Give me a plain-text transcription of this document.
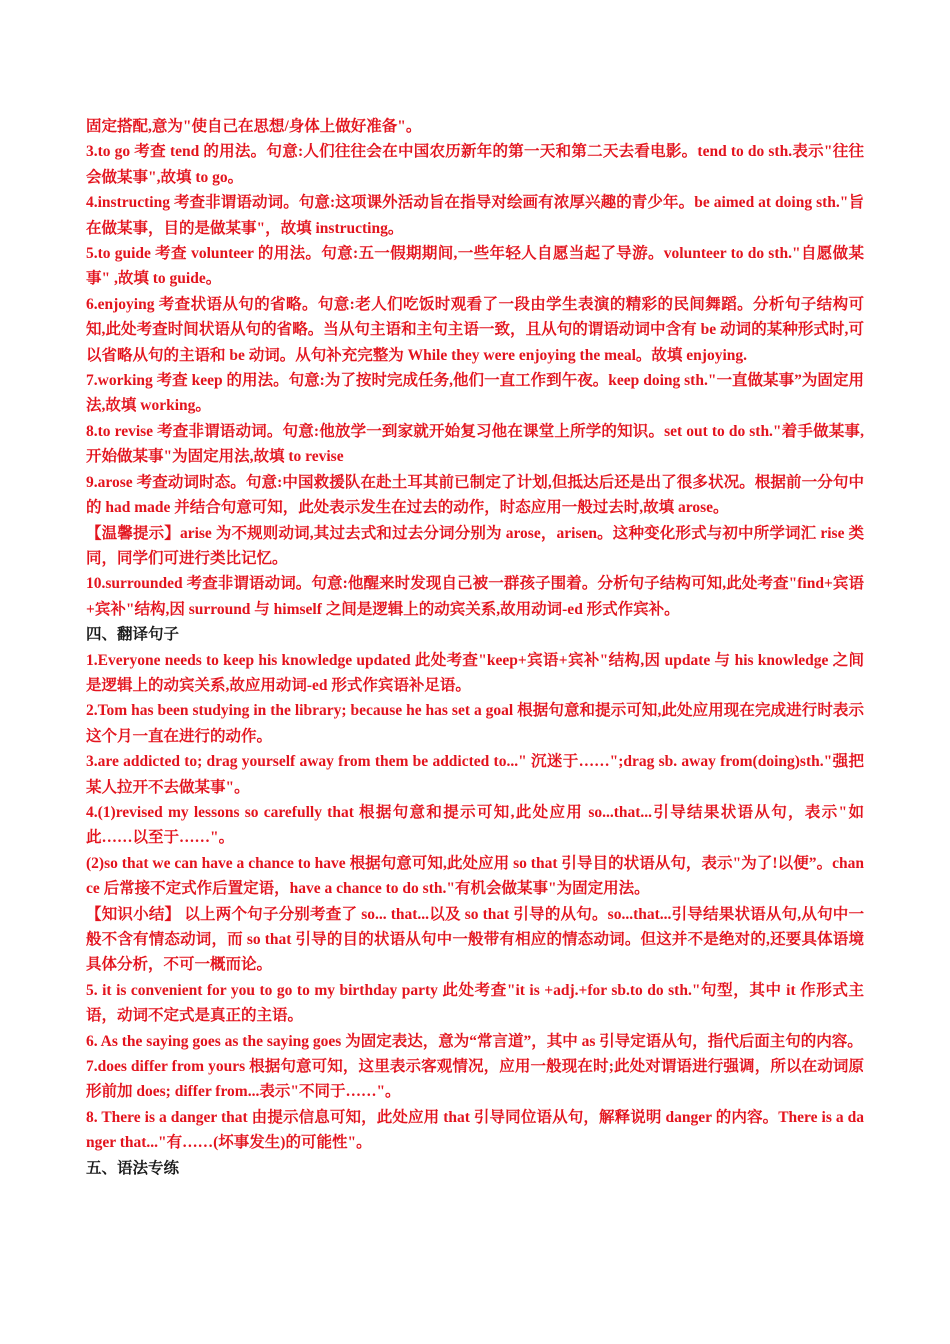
固定搭配,意为"使自己在思想/身体上做好准备"。

3.to go 考查 tend 的用法。句意:人们往往会在中国农历新年的第一天和第二天去看电影。tend to do sth.表示"往往会做某事",故填 to go。

4.instructing 考查非谓语动词。句意:这项课外活动旨在指导对绘画有浓厚兴趣的青少年。be aimed at doing sth."旨在做某事，目的是做某事"，故填 instructing。

5.to guide 考查 volunteer 的用法。句意:五一假期期间,一些年轻人自愿当起了导游。volunteer to do sth."自愿做某事" ,故填 to guide。

6.enjoying 考查状语从句的省略。句意:老人们吃饭时观看了一段由学生表演的精彩的民间舞蹈。分析句子结构可知,此处考查时间状语从句的省略。当从句主语和主句主语一致，且从句的谓语动词中含有 be 动词的某种形式时,可以省略从句的主语和 be 动词。从句补充完整为 While they were enjoying the meal。故填 enjoying.

7.working 考查 keep 的用法。句意:为了按时完成任务,他们一直工作到午夜。keep doing sth."一直做某事”为固定用法,故填 working。

8.to revise 考查非谓语动词。句意:他放学一到家就开始复习他在课堂上所学的知识。set out to do sth."着手做某事,开始做某事"为固定用法,故填 to revise

9.arose 考查动词时态。句意:中国救援队在赴土耳其前已制定了计划,但抵达后还是出了很多状况。根据前一分句中的 had made 并结合句意可知，此处表示发生在过去的动作，时态应用一般过去时,故填 arose。

【温馨提示】arise 为不规则动词,其过去式和过去分词分别为 arose，arisen。这种变化形式与初中所学词汇 rise 类同，同学们可进行类比记忆。

10.surrounded 考查非谓语动词。句意:他醒来时发现自己被一群孩子围着。分析句子结构可知,此处考查"find+宾语+宾补"结构,因 surround 与 himself 之间是逻辑上的动宾关系,故用动词-ed 形式作宾补。

四、翻译句子

1.Everyone needs to keep his knowledge updated 此处考查"keep+宾语+宾补"结构,因 update 与 his knowledge 之间是逻辑上的动宾关系,故应用动词-ed 形式作宾语补足语。

2.Tom has been studying in the library; because he has set a goal 根据句意和提示可知,此处应用现在完成进行时表示这个月一直在进行的动作。

3.are addicted to; drag yourself away from them be addicted to..." 沉迷于……";drag sb. away from(doing)sth."强把某人拉开不去做某事"。

4.(1)revised my lessons so carefully that 根据句意和提示可知,此处应用 so...that...引导结果状语从句，表示"如此……以至于……"。

(2)so that we can have a chance to have 根据句意可知,此处应用 so that 引导目的状语从句，表示"为了!以便”。chance 后常接不定式作后置定语，have a chance to do sth."有机会做某事"为固定用法。

【知识小结】 以上两个句子分别考查了 so... that...以及 so that 引导的从句。so...that...引导结果状语从句,从句中一般不含有情态动词，而 so that 引导的目的状语从句中一般带有相应的情态动词。但这并不是绝对的,还要具体语境具体分析，不可一概而论。

5. it is convenient for you to go to my birthday party 此处考查"it is +adj.+for sb.to do sth."句型，其中 it 作形式主语，动词不定式是真正的主语。

6. As the saying goes as the saying goes 为固定表达，意为“常言道”，其中 as 引导定语从句，指代后面主句的内容。

7.does differ from yours 根据句意可知，这里表示客观情况，应用一般现在时;此处对谓语进行强调，所以在动词原形前加 does; differ from...表示"不同于……"。

8. There is a danger that 由提示信息可知，此处应用 that 引导同位语从句，解释说明 danger 的内容。There is a danger that..."有……(坏事发生)的可能性"。

五、语法专练
